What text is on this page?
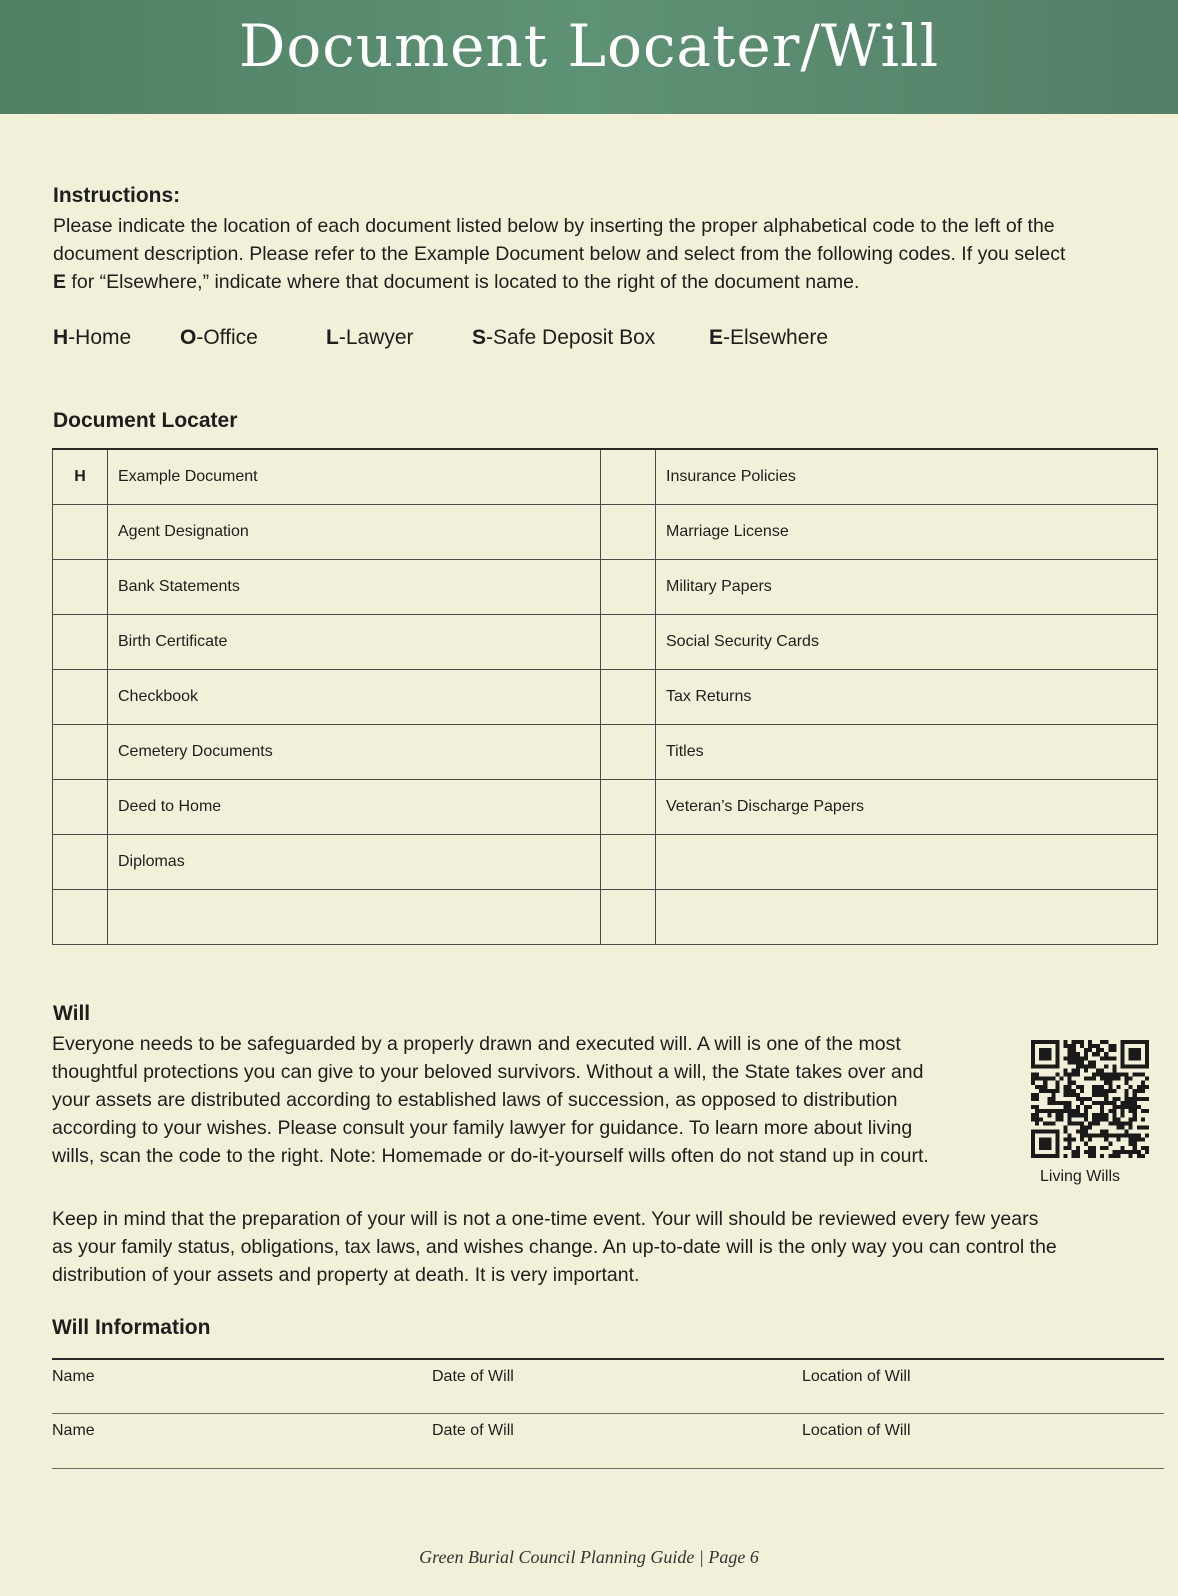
Document Locater/Will
Instructions:
Please indicate the location of each document listed below by inserting the proper alphabetical code to the left of the
document description. Please refer to the Example Document below and select from the following codes. If you select
E for “Elsewhere,” indicate where that document is located to the right of the document name.
H-Home O-Office	L-Lawyer	S-Safe Deposit Box	E-Elsewhere
Document Locater
H	Example Document		Insurance Policies
	Agent Designation		Marriage License
	Bank Statements		Military Papers
	Birth Certificate		Social Security Cards
	Checkbook		Tax Returns
	Cemetery Documents		Titles
	Deed to Home		Veteran’s Discharge Papers
	Diplomas		

Will
Everyone needs to be safeguarded by a properly drawn and executed will. A will is one of the most
thoughtful protections you can give to your beloved survivors. Without a will, the State takes over and
your assets are distributed according to established laws of succession, as opposed to distribution
according to your wishes. Please consult your family lawyer for guidance. To learn more about living
wills, scan the code to the right. Note: Homemade or do-it-yourself wills often do not stand up in court.
Living Wills
Keep in mind that the preparation of your will is not a one-time event. Your will should be reviewed every few years
as your family status, obligations, tax laws, and wishes change. An up-to-date will is the only way you can control the
distribution of your assets and property at death. It is very important.
Will Information
Name	Date of Will	Location of Will
Name	Date of Will	Location of Will
Green Burial Council Planning Guide | Page 6
